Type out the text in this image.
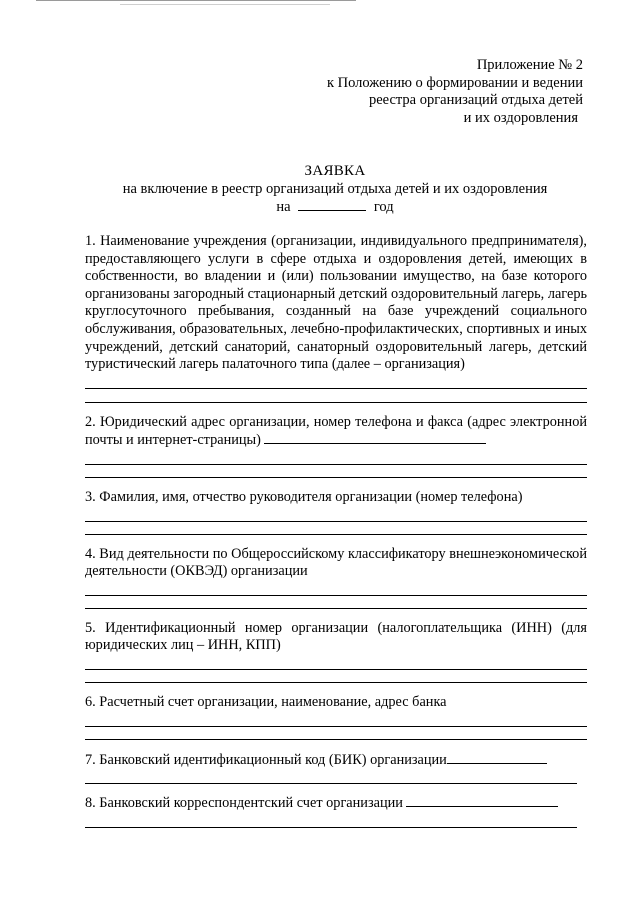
Приложение № 2
к Положению о формировании и ведении
реестра организаций отдыха детей
и их оздоровления
ЗАЯВКА
на включение в реестр организаций отдыха детей и их оздоровления
на	год

1. Наименование учреждения (организации, индивидуального предпринимателя), предоставляющего услуги в сфере отдыха и оздоровления детей, имеющих в собственности, во владении и (или) пользовании имущество, на базе которого организованы загородный стационарный детский оздоровительный лагерь, лагерь круглосуточного пребывания, созданный на базе учреждений социального обслуживания, образовательных, лечебно-профилактических, спортивных и иных учреждений, детский санаторий, санаторный оздоровительный лагерь, детский туристический лагерь палаточного типа (далее – организация)

2. Юридический адрес организации, номер телефона и факса (адрес электронной почты и интернет-страницы)

3. Фамилия, имя, отчество руководителя организации (номер телефона)

4. Вид деятельности по Общероссийскому классификатору внешнеэкономической деятельности (ОКВЭД) организации

5. Идентификационный номер организации (налогоплательщика (ИНН) (для юридических лиц – ИНН, КПП)

6. Расчетный счет организации, наименование, адрес банка

7. Банковский идентификационный код (БИК) организации

8. Банковский корреспондентский счет организации
